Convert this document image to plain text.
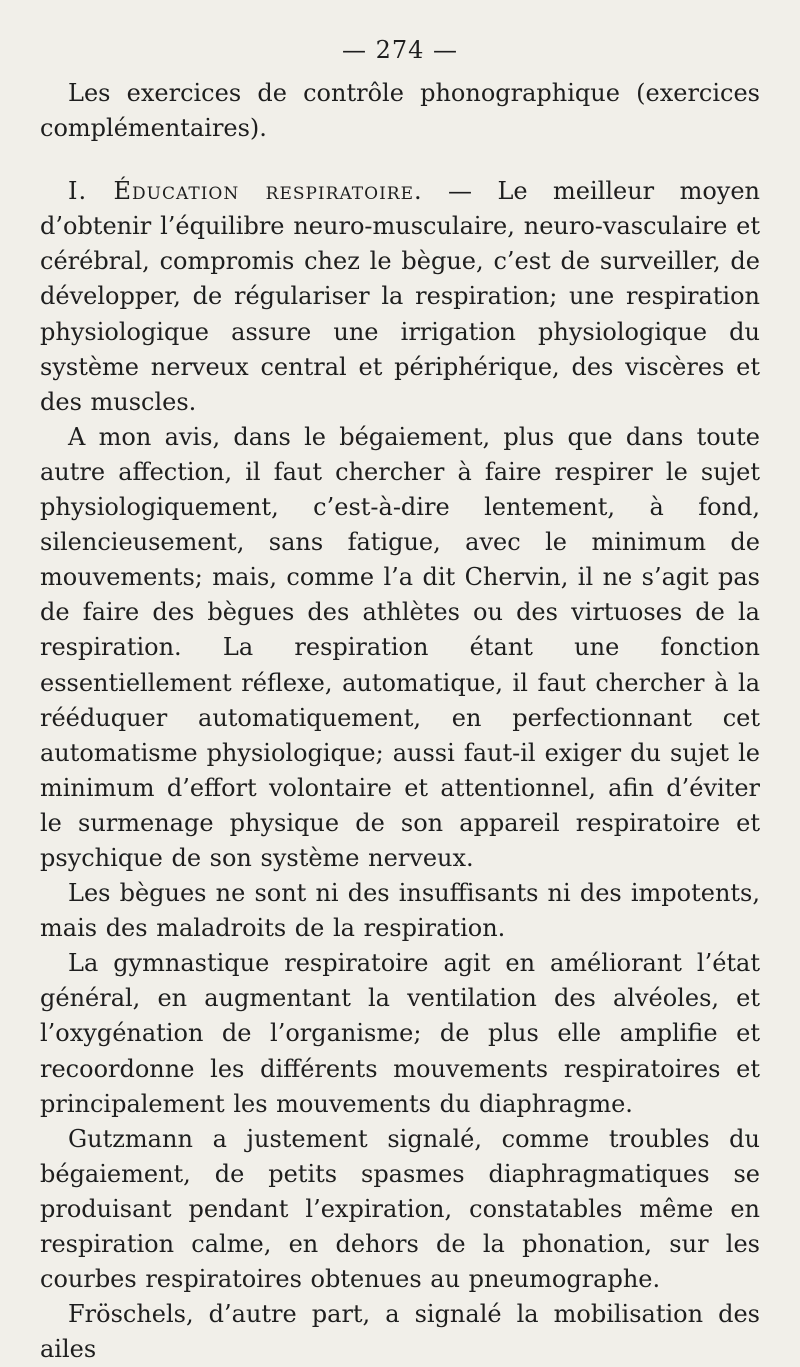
— 274 —

Les exercices de contrôle phonographique (exercices complémentaires).

I. Éducation respiratoire. — Le meilleur moyen d’obtenir l’équilibre neuro-musculaire, neuro-vasculaire et cérébral, compromis chez le bègue, c’est de surveiller, de développer, de régulariser la respiration; une respiration physiologique assure une irrigation physiologique du système nerveux central et périphérique, des viscères et des muscles.

A mon avis, dans le bégaiement, plus que dans toute autre affection, il faut chercher à faire respirer le sujet physiologiquement, c’est-à-dire lentement, à fond, silencieusement, sans fatigue, avec le minimum de mouvements; mais, comme l’a dit Chervin, il ne s’agit pas de faire des bègues des athlètes ou des virtuoses de la respiration. La respiration étant une fonction essentiellement réflexe, automatique, il faut chercher à la rééduquer automatiquement, en perfectionnant cet automatisme physiologique; aussi faut-il exiger du sujet le minimum d’effort volontaire et attentionnel, afin d’éviter le surmenage physique de son appareil respiratoire et psychique de son système nerveux.

Les bègues ne sont ni des insuffisants ni des impotents, mais des maladroits de la respiration.

La gymnastique respiratoire agit en améliorant l’état général, en augmentant la ventilation des alvéoles, et l’oxygénation de l’organisme; de plus elle amplifie et recoordonne les différents mouvements respiratoires et principalement les mouvements du diaphragme.

Gutzmann a justement signalé, comme troubles du bégaiement, de petits spasmes diaphragmatiques se produisant pendant l’expiration, constatables même en respiration calme, en dehors de la phonation, sur les courbes respiratoires obtenues au pneumographe.

Fröschels, d’autre part, a signalé la mobilisation des ailes
